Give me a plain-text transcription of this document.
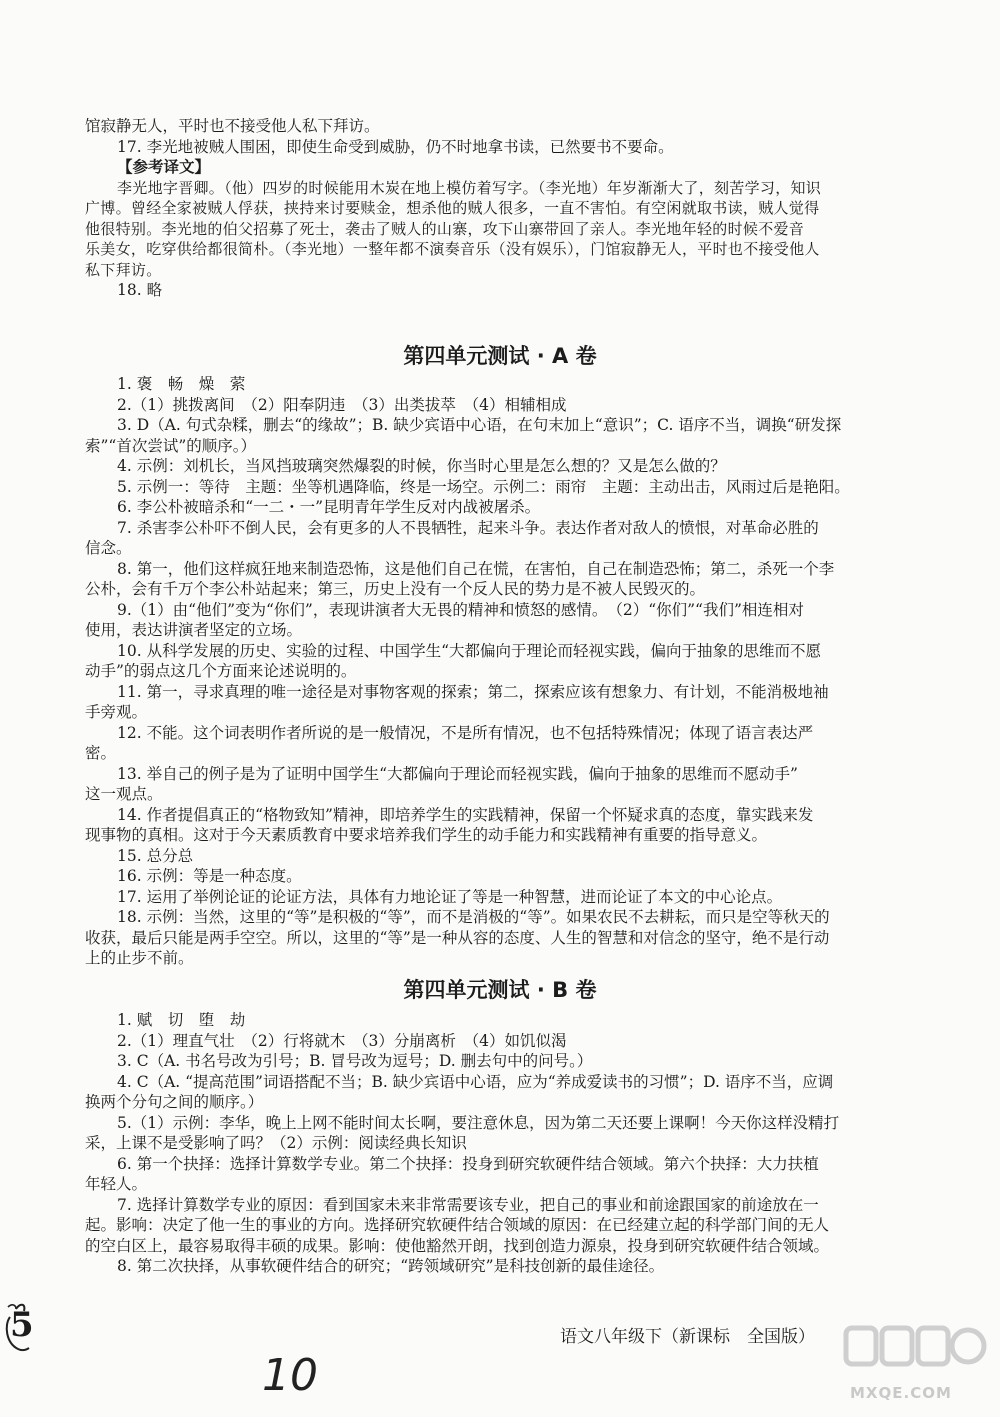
馆寂静无人，平时也不接受他人私下拜访。
17. 李光地被贼人围困，即使生命受到威胁，仍不时地拿书读，已然要书不要命。
【参考译文】
李光地字晋卿。（他）四岁的时候能用木炭在地上模仿着写字。（李光地）年岁渐渐大了，刻苦学习，知识
广博。曾经全家被贼人俘获，挟持来讨要赎金，想杀他的贼人很多，一直不害怕。有空闲就取书读，贼人觉得
他很特别。李光地的伯父招募了死士，袭击了贼人的山寨，攻下山寨带回了亲人。李光地年轻的时候不爱音
乐美女，吃穿供给都很简朴。（李光地）一整年都不演奏音乐（没有娱乐），门馆寂静无人，平时也不接受他人
私下拜访。
18. 略
第四单元测试 · A 卷
1. 褒　畅　燥　萦
2.（1）挑拨离间　（2）阳奉阴违　（3）出类拔萃　（4）相辅相成
3. D（A. 句式杂糅，删去“的缘故”；B. 缺少宾语中心语，在句末加上“意识”；C. 语序不当，调换“研发探
索”“首次尝试”的顺序。）
4. 示例：刘机长，当风挡玻璃突然爆裂的时候，你当时心里是怎么想的？又是怎么做的？
5. 示例一：等待　主题：坐等机遇降临，终是一场空。示例二：雨帘　主题：主动出击，风雨过后是艳阳。
6. 李公朴被暗杀和“一二・一”昆明青年学生反对内战被屠杀。
7. 杀害李公朴吓不倒人民，会有更多的人不畏牺牲，起来斗争。表达作者对敌人的愤恨，对革命必胜的
信念。
8. 第一，他们这样疯狂地来制造恐怖，这是他们自己在慌，在害怕，自己在制造恐怖；第二，杀死一个李
公朴，会有千万个李公朴站起来；第三，历史上没有一个反人民的势力是不被人民毁灭的。
9.（1）由“他们”变为“你们”，表现讲演者大无畏的精神和愤怒的感情。　（2）“你们”“我们”相连相对
使用，表达讲演者坚定的立场。
10. 从科学发展的历史、实验的过程、中国学生“大都偏向于理论而轻视实践，偏向于抽象的思维而不愿
动手”的弱点这几个方面来论述说明的。
11. 第一，寻求真理的唯一途径是对事物客观的探索；第二，探索应该有想象力、有计划，不能消极地袖
手旁观。
12. 不能。这个词表明作者所说的是一般情况，不是所有情况，也不包括特殊情况；体现了语言表达严
密。
13. 举自己的例子是为了证明中国学生“大都偏向于理论而轻视实践，偏向于抽象的思维而不愿动手”
这一观点。
14. 作者提倡真正的“格物致知”精神，即培养学生的实践精神，保留一个怀疑求真的态度，靠实践来发
现事物的真相。这对于今天素质教育中要求培养我们学生的动手能力和实践精神有重要的指导意义。
15. 总分总
16. 示例：等是一种态度。
17. 运用了举例论证的论证方法，具体有力地论证了等是一种智慧，进而论证了本文的中心论点。
18. 示例：当然，这里的“等”是积极的“等”，而不是消极的“等”。如果农民不去耕耘，而只是空等秋天的
收获，最后只能是两手空空。所以，这里的“等”是一种从容的态度、人生的智慧和对信念的坚守，绝不是行动
上的止步不前。
第四单元测试 · B 卷
1. 赋　切　堕　劫
2.（1）理直气壮　（2）行将就木　（3）分崩离析　（4）如饥似渴
3. C（A. 书名号改为引号；B. 冒号改为逗号；D. 删去句中的问号。）
4. C（A. “提高范围”词语搭配不当；B. 缺少宾语中心语，应为“养成爱读书的习惯”；D. 语序不当，应调
换两个分句之间的顺序。）
5.（1）示例：李华，晚上上网不能时间太长啊，要注意休息，因为第二天还要上课啊！今天你这样没精打
采，上课不是受影响了吗？（2）示例：阅读经典长知识
6. 第一个抉择：选择计算数学专业。第二个抉择：投身到研究软硬件结合领域。第六个抉择：大力扶植
年轻人。
7. 选择计算数学专业的原因：看到国家未来非常需要该专业，把自己的事业和前途跟国家的前途放在一
起。影响：决定了他一生的事业的方向。选择研究软硬件结合领域的原因：在已经建立起的科学部门间的无人
的空白区上，最容易取得丰硕的成果。影响：使他豁然开朗，找到创造力源泉，投身到研究软硬件结合领域。
8. 第二次抉择，从事软硬件结合的研究；“跨领域研究”是科技创新的最佳途径。
5	语文八年级下（新课标　全国版）
10	MXQE.COM
